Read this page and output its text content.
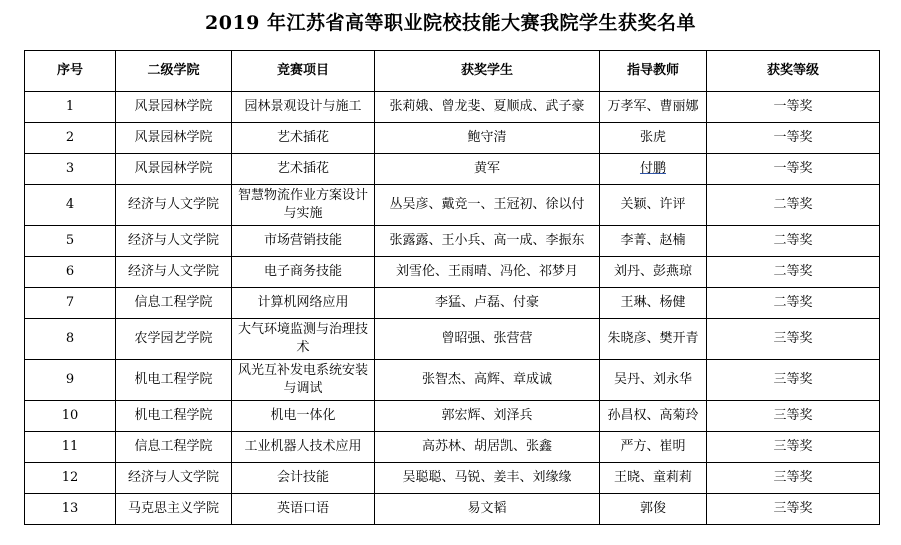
2019 年江苏省高等职业院校技能大赛我院学生获奖名单
序号	二级学院	竞赛项目	获奖学生	指导教师	获奖等级
1	风景园林学院	园林景观设计与施工	张莉娥、曾龙斐、夏顺成、武子豪	万孝军、曹丽娜	一等奖
2	风景园林学院	艺术插花	鲍守清	张虎	一等奖
3	风景园林学院	艺术插花	黄军	付鹏	一等奖
4	经济与人文学院	智慧物流作业方案设计与实施	丛吴彦、戴竞一、王冠初、徐以付	关颖、许评	二等奖
5	经济与人文学院	市场营销技能	张露露、王小兵、高一成、李振东	李菁、赵楠	二等奖
6	经济与人文学院	电子商务技能	刘雪伦、王雨晴、冯伦、祁梦月	刘丹、彭燕琼	二等奖
7	信息工程学院	计算机网络应用	李猛、卢磊、付豪	王琳、杨健	二等奖
8	农学园艺学院	大气环境监测与治理技术	曾昭强、张营营	朱晓彦、樊开青	三等奖
9	机电工程学院	风光互补发电系统安装与调试	张智杰、高辉、章成诚	吴丹、刘永华	三等奖
10	机电工程学院	机电一体化	郭宏辉、刘泽兵	孙昌权、高菊玲	三等奖
11	信息工程学院	工业机器人技术应用	高苏林、胡居凯、张鑫	严方、崔明	三等奖
12	经济与人文学院	会计技能	吴聪聪、马锐、姜丰、刘缘缘	王晓、童莉莉	三等奖
13	马克思主义学院	英语口语	易文韬	郭俊	三等奖
